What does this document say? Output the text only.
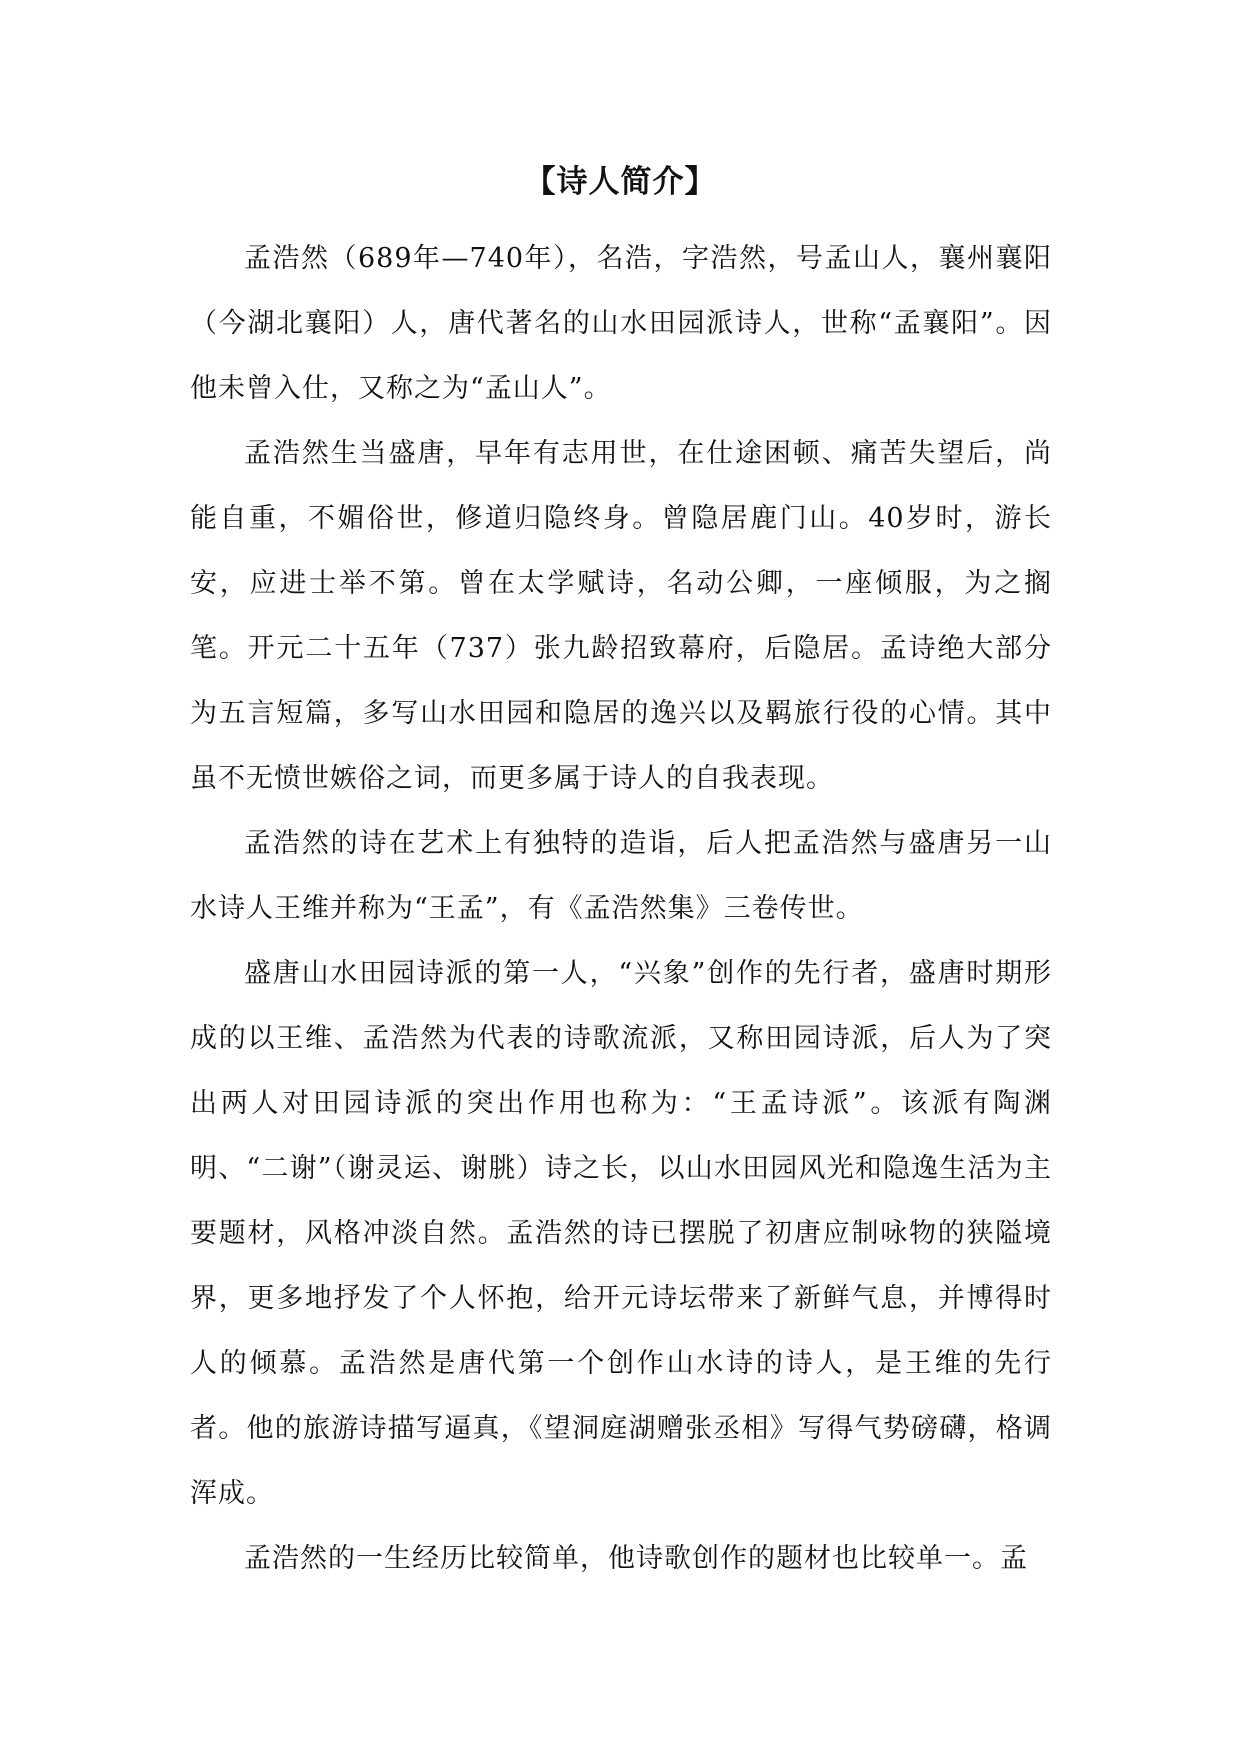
【诗人简介】

孟浩然（689年—740年），名浩，字浩然，号孟山人，襄州襄阳（今湖北襄阳）人，唐代著名的山水田园派诗人，世称“孟襄阳”。因他未曾入仕，又称之为“孟山人”。

孟浩然生当盛唐，早年有志用世，在仕途困顿、痛苦失望后，尚能自重，不媚俗世，修道归隐终身。曾隐居鹿门山。40岁时，游长安，应进士举不第。曾在太学赋诗，名动公卿，一座倾服，为之搁笔。开元二十五年（737）张九龄招致幕府，后隐居。孟诗绝大部分为五言短篇，多写山水田园和隐居的逸兴以及羁旅行役的心情。其中虽不无愤世嫉俗之词，而更多属于诗人的自我表现。

孟浩然的诗在艺术上有独特的造诣，后人把孟浩然与盛唐另一山水诗人王维并称为“王孟”，有《孟浩然集》三卷传世。

盛唐山水田园诗派的第一人，“兴象”创作的先行者，盛唐时期形成的以王维、孟浩然为代表的诗歌流派，又称田园诗派，后人为了突出两人对田园诗派的突出作用也称为：“王孟诗派”。该派有陶渊明、“二谢”（谢灵运、谢朓）诗之长，以山水田园风光和隐逸生活为主要题材，风格冲淡自然。孟浩然的诗已摆脱了初唐应制咏物的狭隘境界，更多地抒发了个人怀抱，给开元诗坛带来了新鲜气息，并博得时人的倾慕。孟浩然是唐代第一个创作山水诗的诗人，是王维的先行者。他的旅游诗描写逼真，《望洞庭湖赠张丞相》写得气势磅礴，格调浑成。

孟浩然的一生经历比较简单，他诗歌创作的题材也比较单一。孟
